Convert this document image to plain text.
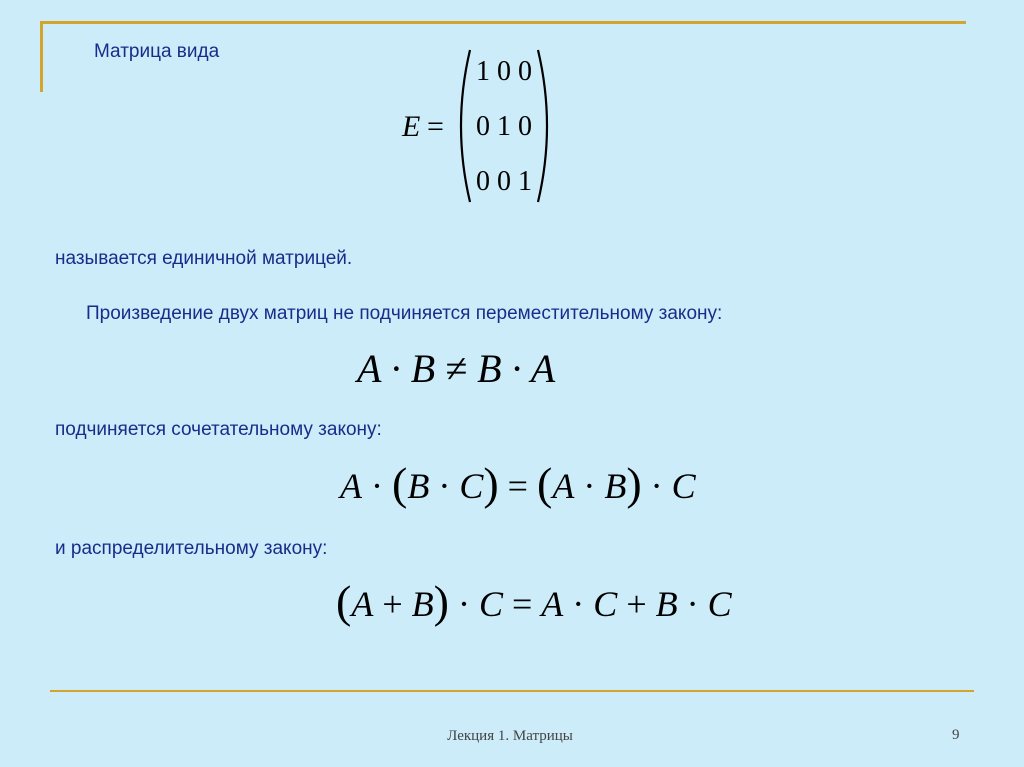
Матрица вида
E =
1 0 0
0 1 0
0 0 1
называется единичной матрицей.
Произведение двух матриц не подчиняется переместительному закону:
A · B ≠ B · A
подчиняется сочетательному закону:
A · (B · C) = (A · B) · C
и распределительному закону:
(A + B) · C = A · C + B · C
Лекция 1. Матрицы	9
